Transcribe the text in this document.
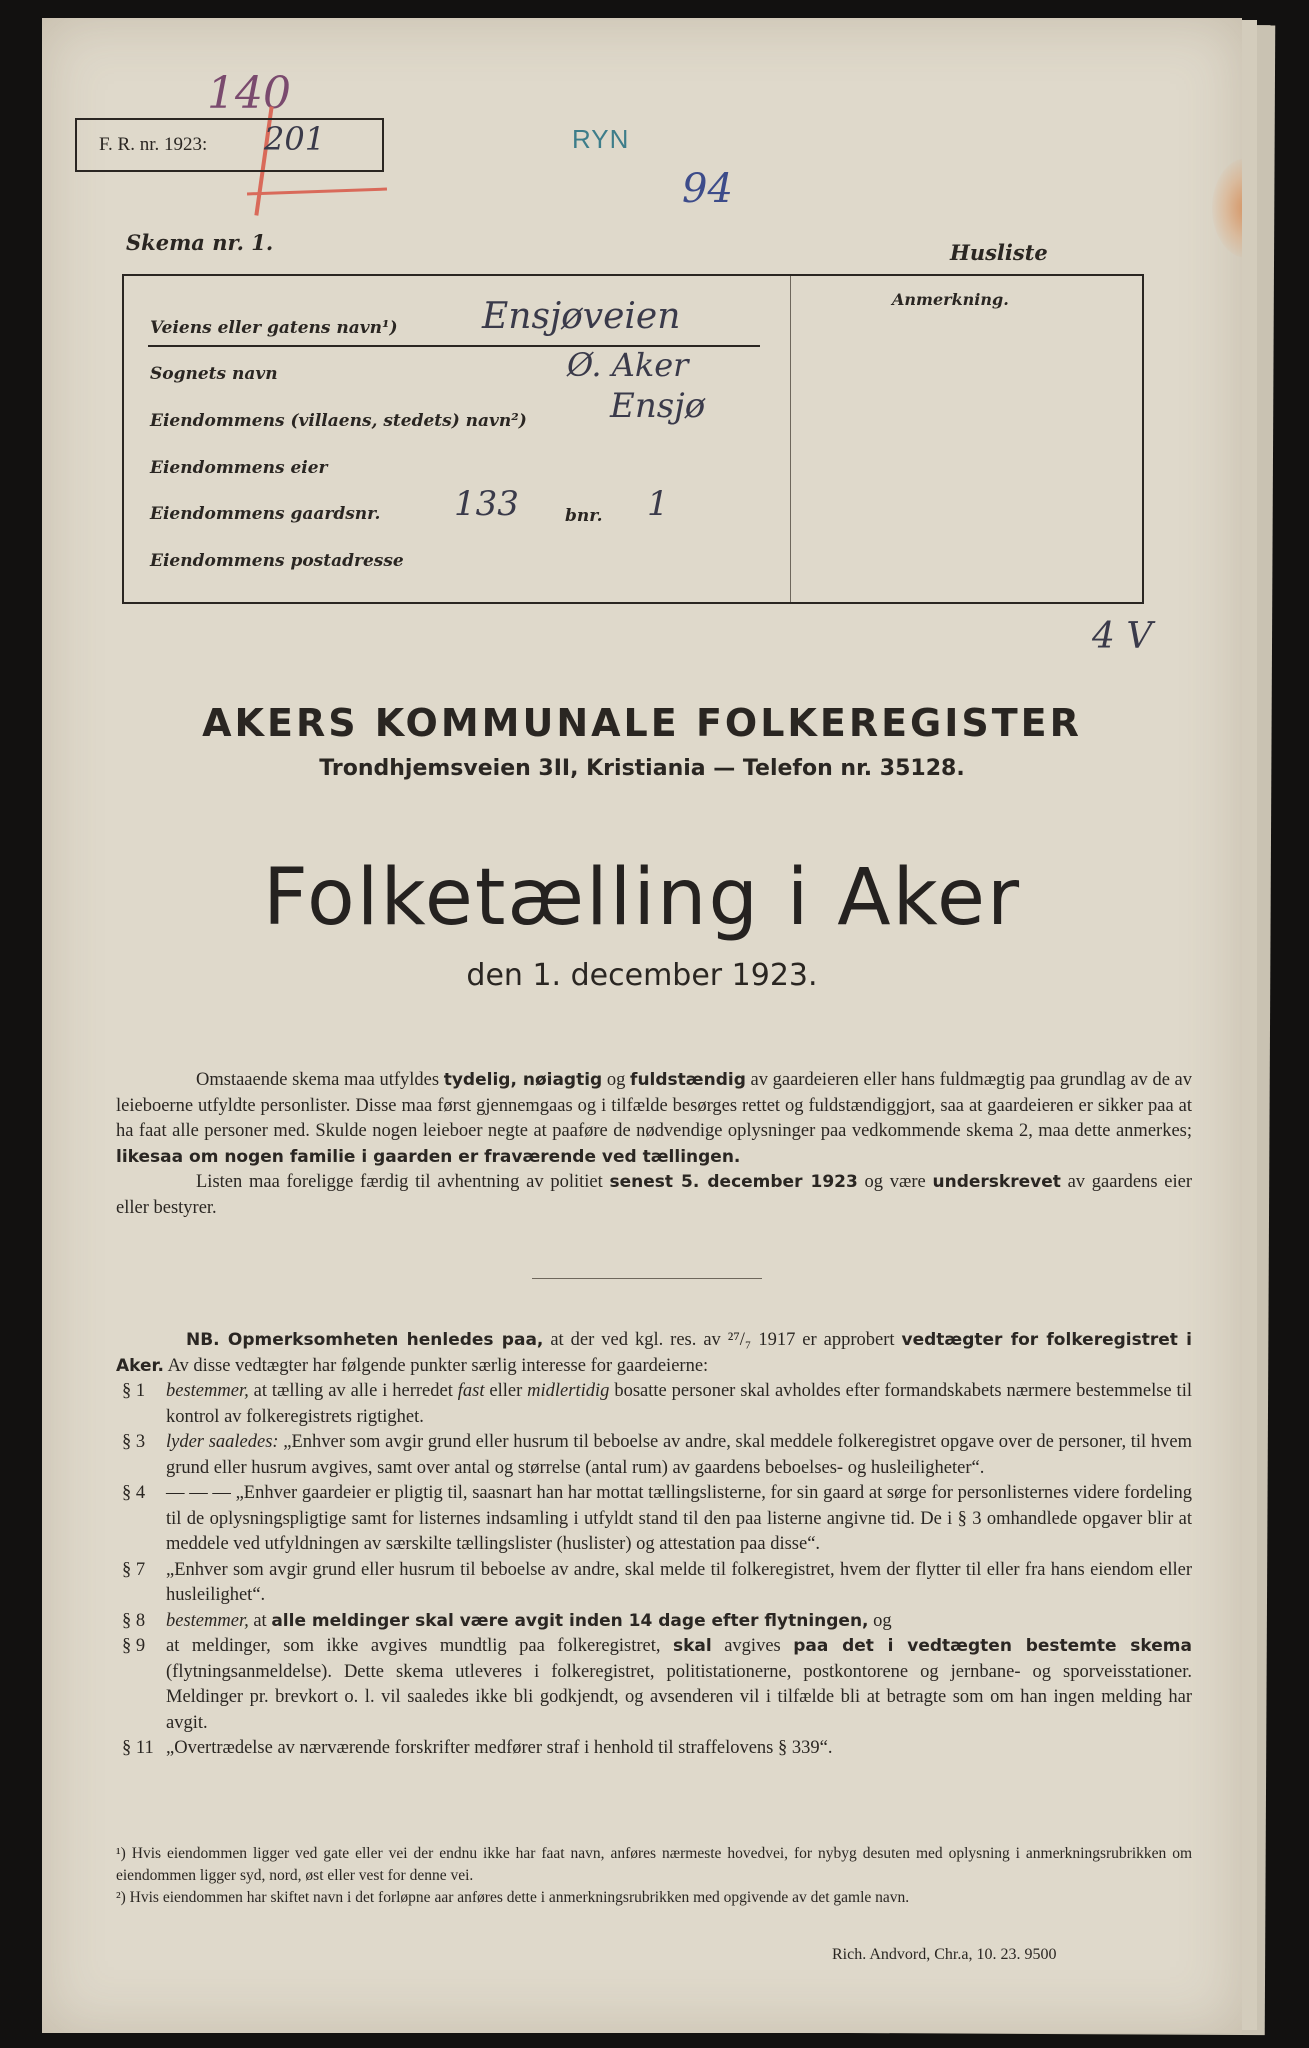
140
F. R. nr. 1923: 201	RYN
94
Skema nr. 1.	Husliste
Anmerkning.
Veiens eller gatens navn¹) Ensjøveien
Sognets navn	Ø. Aker
Eiendommens (villaens, stedets) navn²) Ensjø
Eiendommens eier
Eiendommens gaardsnr. 133	bnr. 1
Eiendommens postadresse
4 V
AKERS KOMMUNALE FOLKEREGISTER
Trondhjemsveien 3II, Kristiania — Telefon nr. 35128.
Folketælling i Aker
den 1. december 1923.

Omstaaende skema maa utfyldes tydelig, nøiagtig og fuldstændig av gaardeieren eller hans fuldmægtig paa grundlag av de av leieboerne utfyldte personlister. Disse maa først gjennemgaas og i tilfælde besørges rettet og fuldstændiggjort, saa at gaardeieren er sikker paa at ha faat alle personer med. Skulde nogen leieboer negte at paaføre de nødvendige oplysninger paa vedkommende skema 2, maa dette anmerkes; likesaa om nogen familie i gaarden er fraværende ved tællingen.

Listen maa foreligge færdig til avhentning av politiet senest 5. december 1923 og være underskrevet av gaardens eier eller bestyrer.

NB. Opmerksomheten henledes paa, at der ved kgl. res. av ²⁷/₇ 1917 er approbert vedtægter for folkeregistret i Aker. Av disse vedtægter har følgende punkter særlig interesse for gaardeierne:

§ 1	bestemmer, at tælling av alle i herredet fast eller midlertidig bosatte personer skal avholdes efter formandskabets nærmere bestemmelse til kontrol av folkeregistrets rigtighet.
§ 3	lyder saaledes: „Enhver som avgir grund eller husrum til beboelse av andre, skal meddele folkeregistret opgave over de personer, til hvem grund eller husrum avgives, samt over antal og størrelse (antal rum) av gaardens beboelses- og husleiligheter“.
§ 4	— — — „Enhver gaardeier er pligtig til, saasnart han har mottat tællingslisterne, for sin gaard at sørge for personlisternes videre fordeling til de oplysningspligtige samt for listernes indsamling i utfyldt stand til den paa listerne angivne tid. De i § 3 omhandlede opgaver blir at meddele ved utfyldningen av særskilte tællingslister (huslister) og attestation paa disse“.
§ 7	„Enhver som avgir grund eller husrum til beboelse av andre, skal melde til folkeregistret, hvem der flytter til eller fra hans eiendom eller husleilighet“.
§ 8	bestemmer, at alle meldinger skal være avgit inden 14 dage efter flytningen, og
§ 9	at meldinger, som ikke avgives mundtlig paa folkeregistret, skal avgives paa det i vedtægten bestemte skema (flytningsanmeldelse). Dette skema utleveres i folkeregistret, politistationerne, postkontorene og jernbane- og sporveisstationer. Meldinger pr. brevkort o. l. vil saaledes ikke bli godkjendt, og avsenderen vil i tilfælde bli at betragte som om han ingen melding har avgit.
§ 11 „Overtrædelse av nærværende forskrifter medfører straf i henhold til straffelovens § 339“.

¹) Hvis eiendommen ligger ved gate eller vei der endnu ikke har faat navn, anføres nærmeste hovedvei, for nybyg desuten med oplysning i anmerkningsrubrikken om eiendommen ligger syd, nord, øst eller vest for denne vei.

²) Hvis eiendommen har skiftet navn i det forløpne aar anføres dette i anmerkningsrubrikken med opgivende av det gamle navn.

Rich. Andvord, Chr.a, 10. 23. 9500
